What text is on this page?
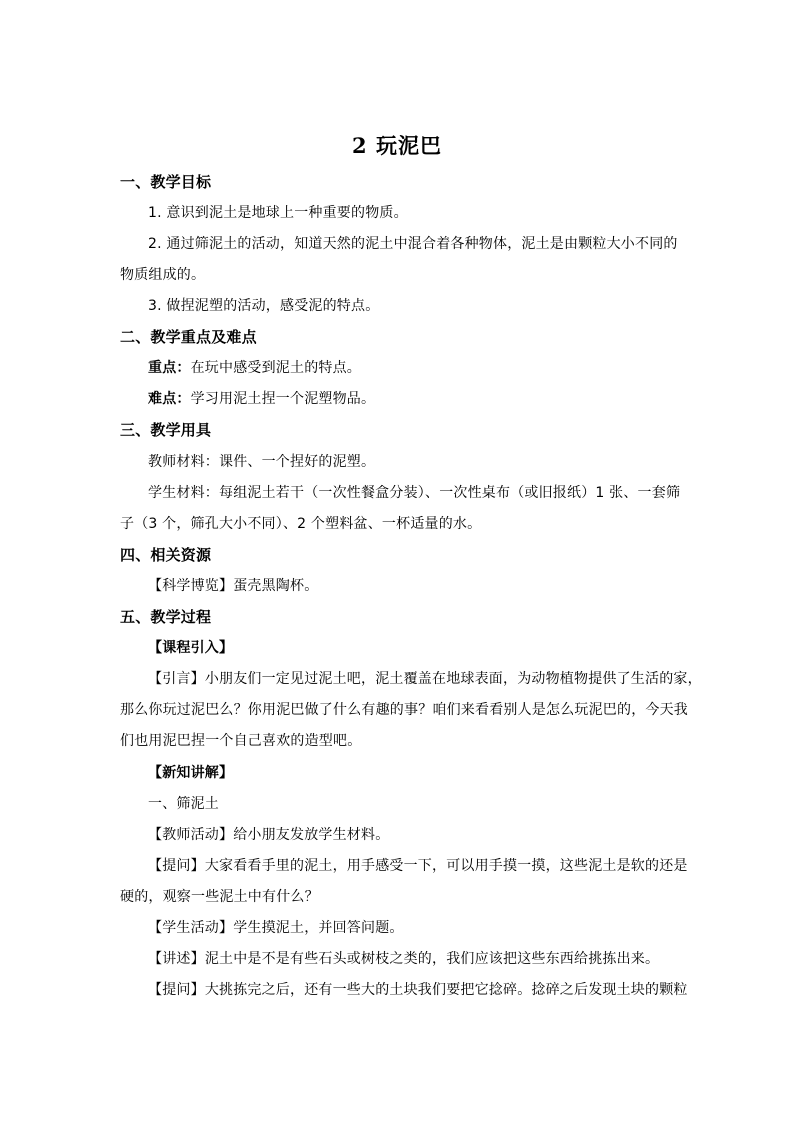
2 玩泥巴
一、教学目标
1. 意识到泥土是地球上一种重要的物质。
2. 通过筛泥土的活动，知道天然的泥土中混合着各种物体，泥土是由颗粒大小不同的
物质组成的。
3. 做捏泥塑的活动，感受泥的特点。
二、教学重点及难点
重点：在玩中感受到泥土的特点。
难点：学习用泥土捏一个泥塑物品。
三、教学用具
教师材料：课件、一个捏好的泥塑。
学生材料：每组泥土若干（一次性餐盒分装）、一次性桌布（或旧报纸）1 张、一套筛
子（3 个，筛孔大小不同）、2 个塑料盆、一杯适量的水。
四、相关资源
【科学博览】蛋壳黑陶杯。
五、教学过程
【课程引入】
【引言】小朋友们一定见过泥土吧，泥土覆盖在地球表面，为动物植物提供了生活的家，
那么你玩过泥巴么？你用泥巴做了什么有趣的事？咱们来看看别人是怎么玩泥巴的，今天我
们也用泥巴捏一个自己喜欢的造型吧。
【新知讲解】
一、筛泥土
【教师活动】给小朋友发放学生材料。
【提问】大家看看手里的泥土，用手感受一下，可以用手摸一摸，这些泥土是软的还是
硬的，观察一些泥土中有什么？
【学生活动】学生摸泥土，并回答问题。
【讲述】泥土中是不是有些石头或树枝之类的，我们应该把这些东西给挑拣出来。
【提问】大挑拣完之后，还有一些大的土块我们要把它捻碎。捻碎之后发现土块的颗粒
